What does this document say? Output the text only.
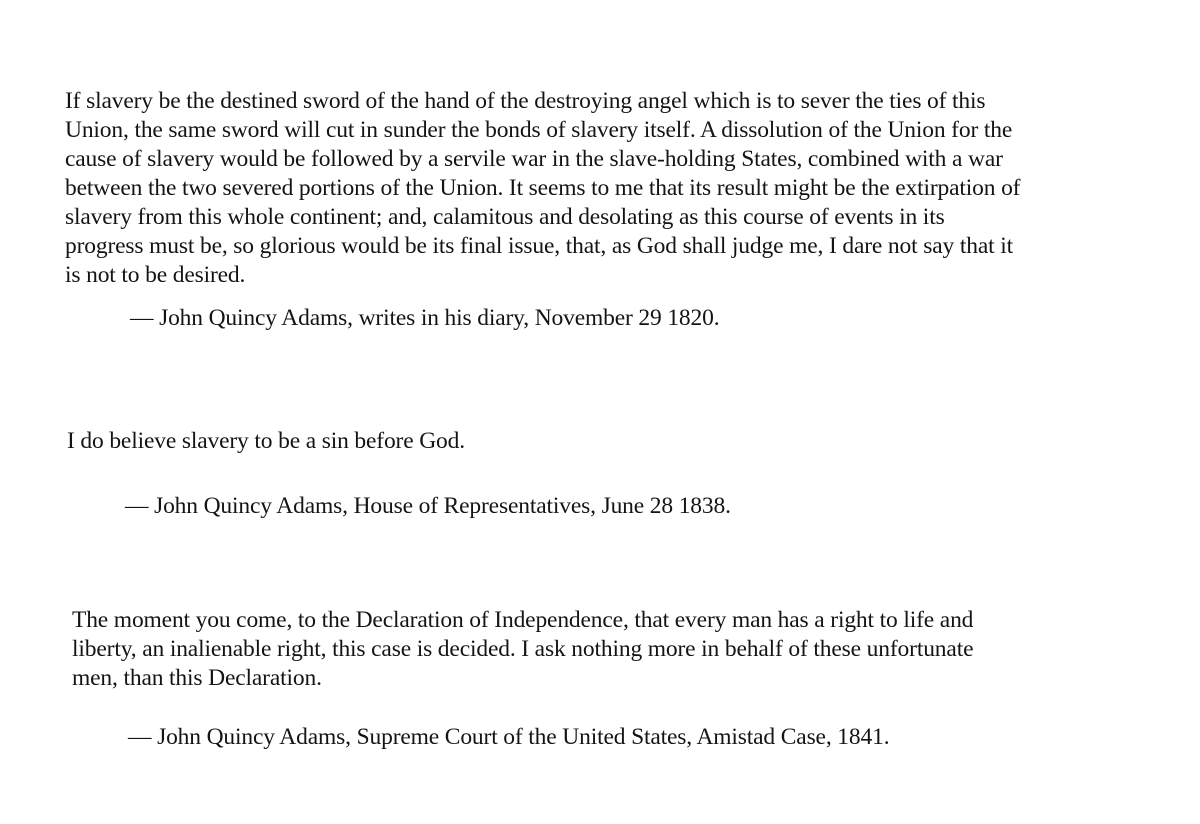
If slavery be the destined sword of the hand of the destroying angel which is to sever the ties of this
Union, the same sword will cut in sunder the bonds of slavery itself. A dissolution of the Union for the
cause of slavery would be followed by a servile war in the slave-holding States, combined with a war
between the two severed portions of the Union. It seems to me that its result might be the extirpation of
slavery from this whole continent; and, calamitous and desolating as this course of events in its
progress must be, so glorious would be its final issue, that, as God shall judge me, I dare not say that it
is not to be desired.

— John Quincy Adams, writes in his diary, November 29 1820.

I do believe slavery to be a sin before God.

— John Quincy Adams, House of Representatives, June 28 1838.

The moment you come, to the Declaration of Independence, that every man has a right to life and
liberty, an inalienable right, this case is decided. I ask nothing more in behalf of these unfortunate
men, than this Declaration.

— John Quincy Adams, Supreme Court of the United States, Amistad Case, 1841.
